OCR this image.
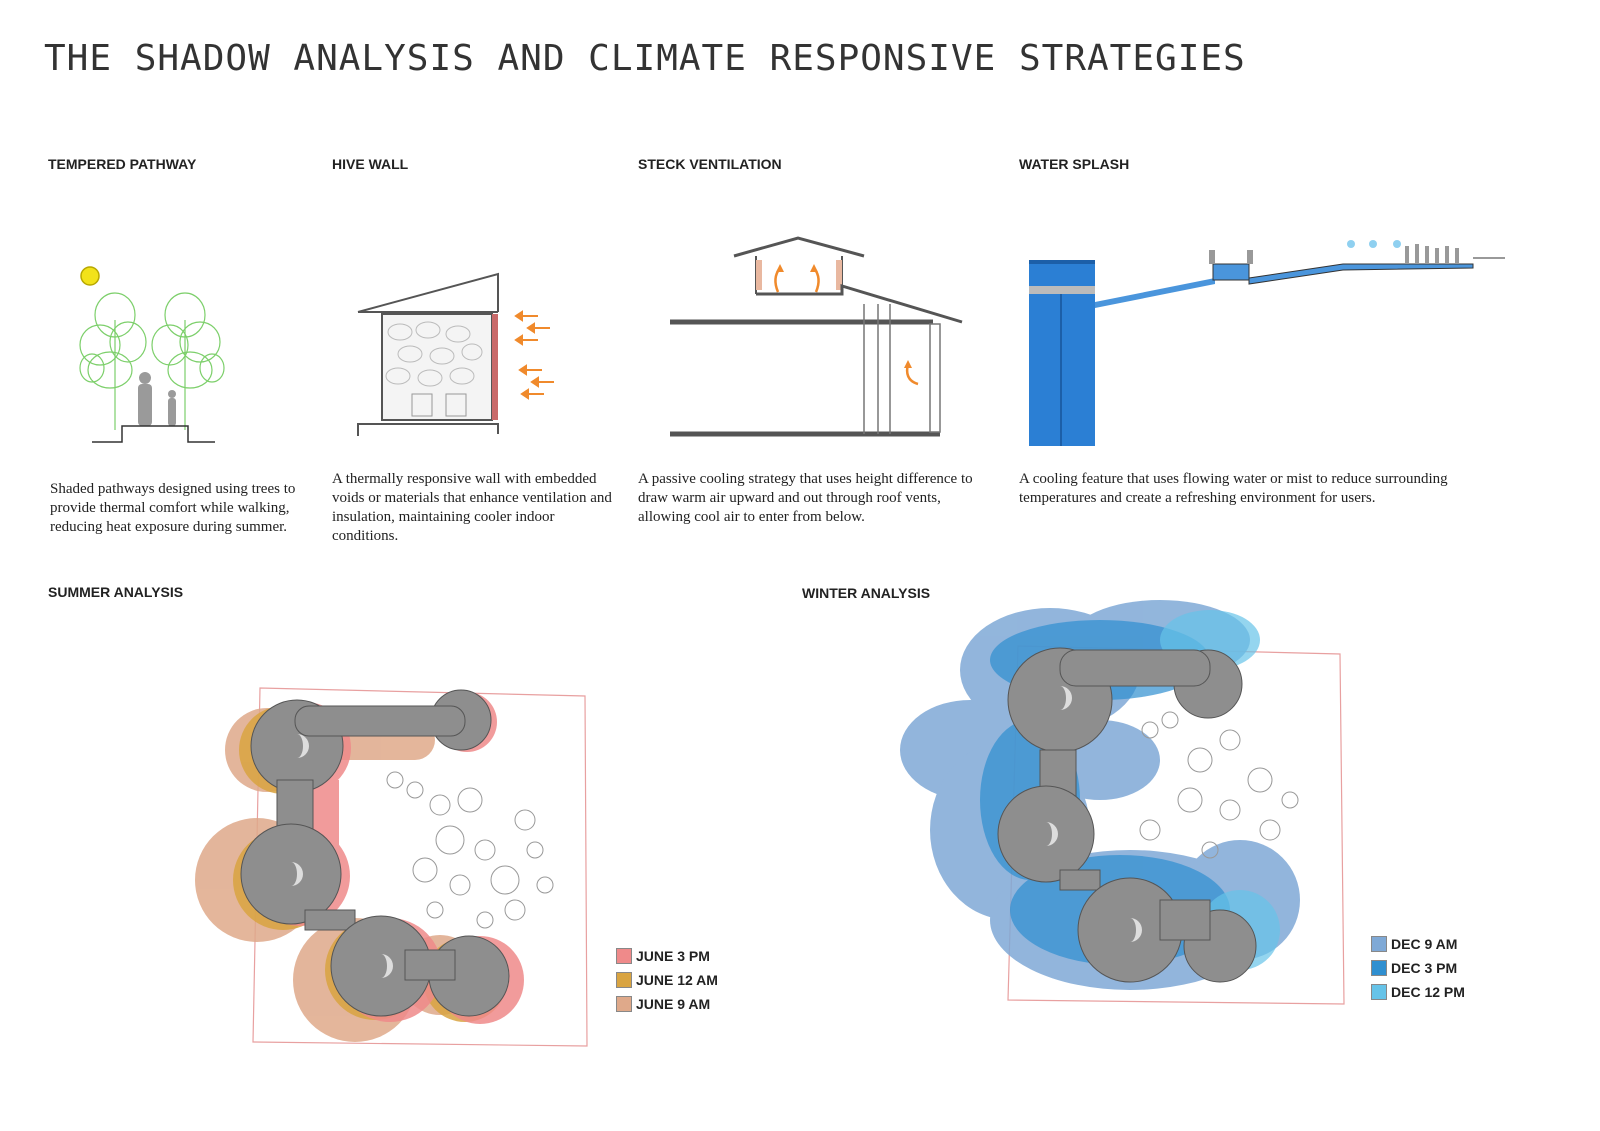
THE SHADOW ANALYSIS AND CLIMATE RESPONSIVE STRATEGIES
TEMPERED PATHWAY	HIVE WALL	STECK VENTILATION	WATER SPLASH
Shaded pathways designed using trees to provide thermal comfort while walking, reducing heat exposure during summer.
A thermally responsive wall with embedded voids or materials that enhance ventilation and insulation, maintaining cooler indoor conditions.
A passive cooling strategy that uses height difference to draw warm air upward and out through roof vents, allowing cool air to enter from below.
A cooling feature that uses flowing water or mist to reduce surrounding temperatures and create a refreshing environment for users.
SUMMER ANALYSIS
JUNE 3 PM
JUNE 12 AM
JUNE 9 AM
WINTER ANALYSIS
DEC 9 AM
DEC 3 PM
DEC 12 PM
